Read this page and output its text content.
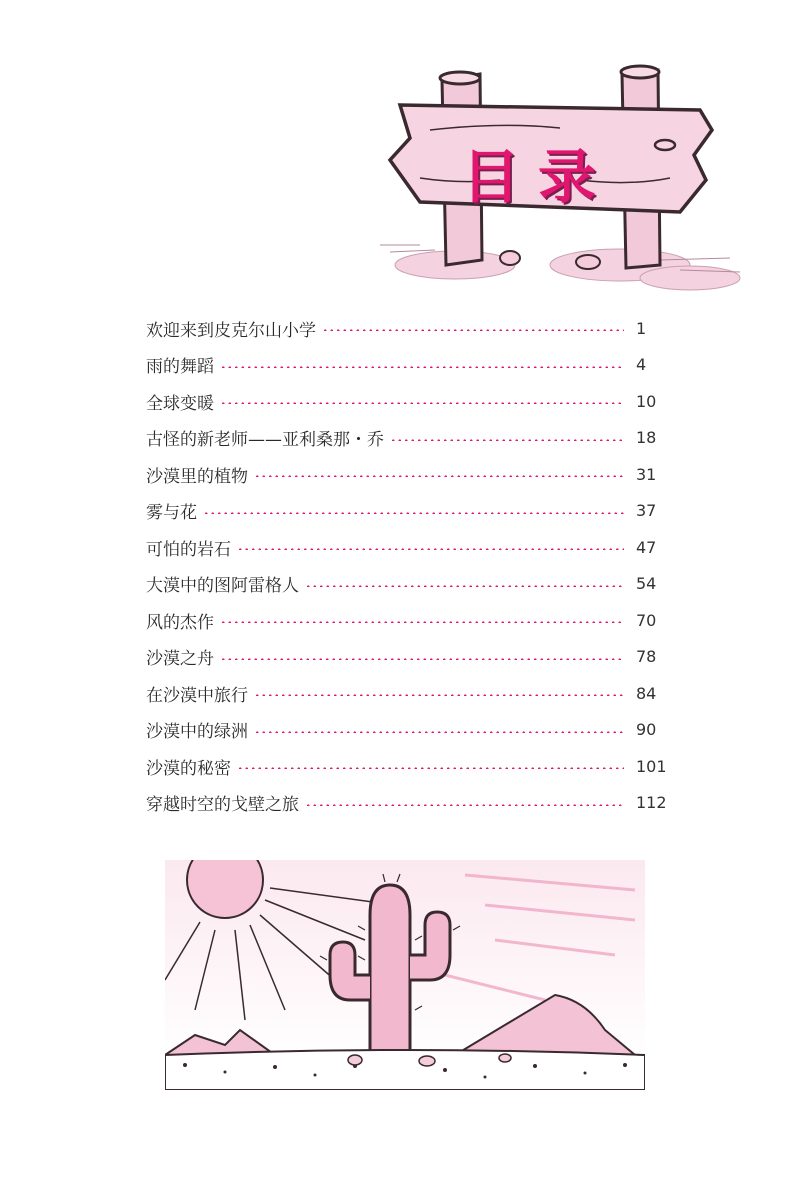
目录
欢迎来到皮克尔山小学	1
雨的舞蹈	4
全球变暖	10
古怪的新老师——亚利桑那・乔	18
沙漠里的植物	31
雾与花	37
可怕的岩石	47
大漠中的图阿雷格人	54
风的杰作	70
沙漠之舟	78
在沙漠中旅行	84
沙漠中的绿洲	90
沙漠的秘密	101
穿越时空的戈壁之旅	112
